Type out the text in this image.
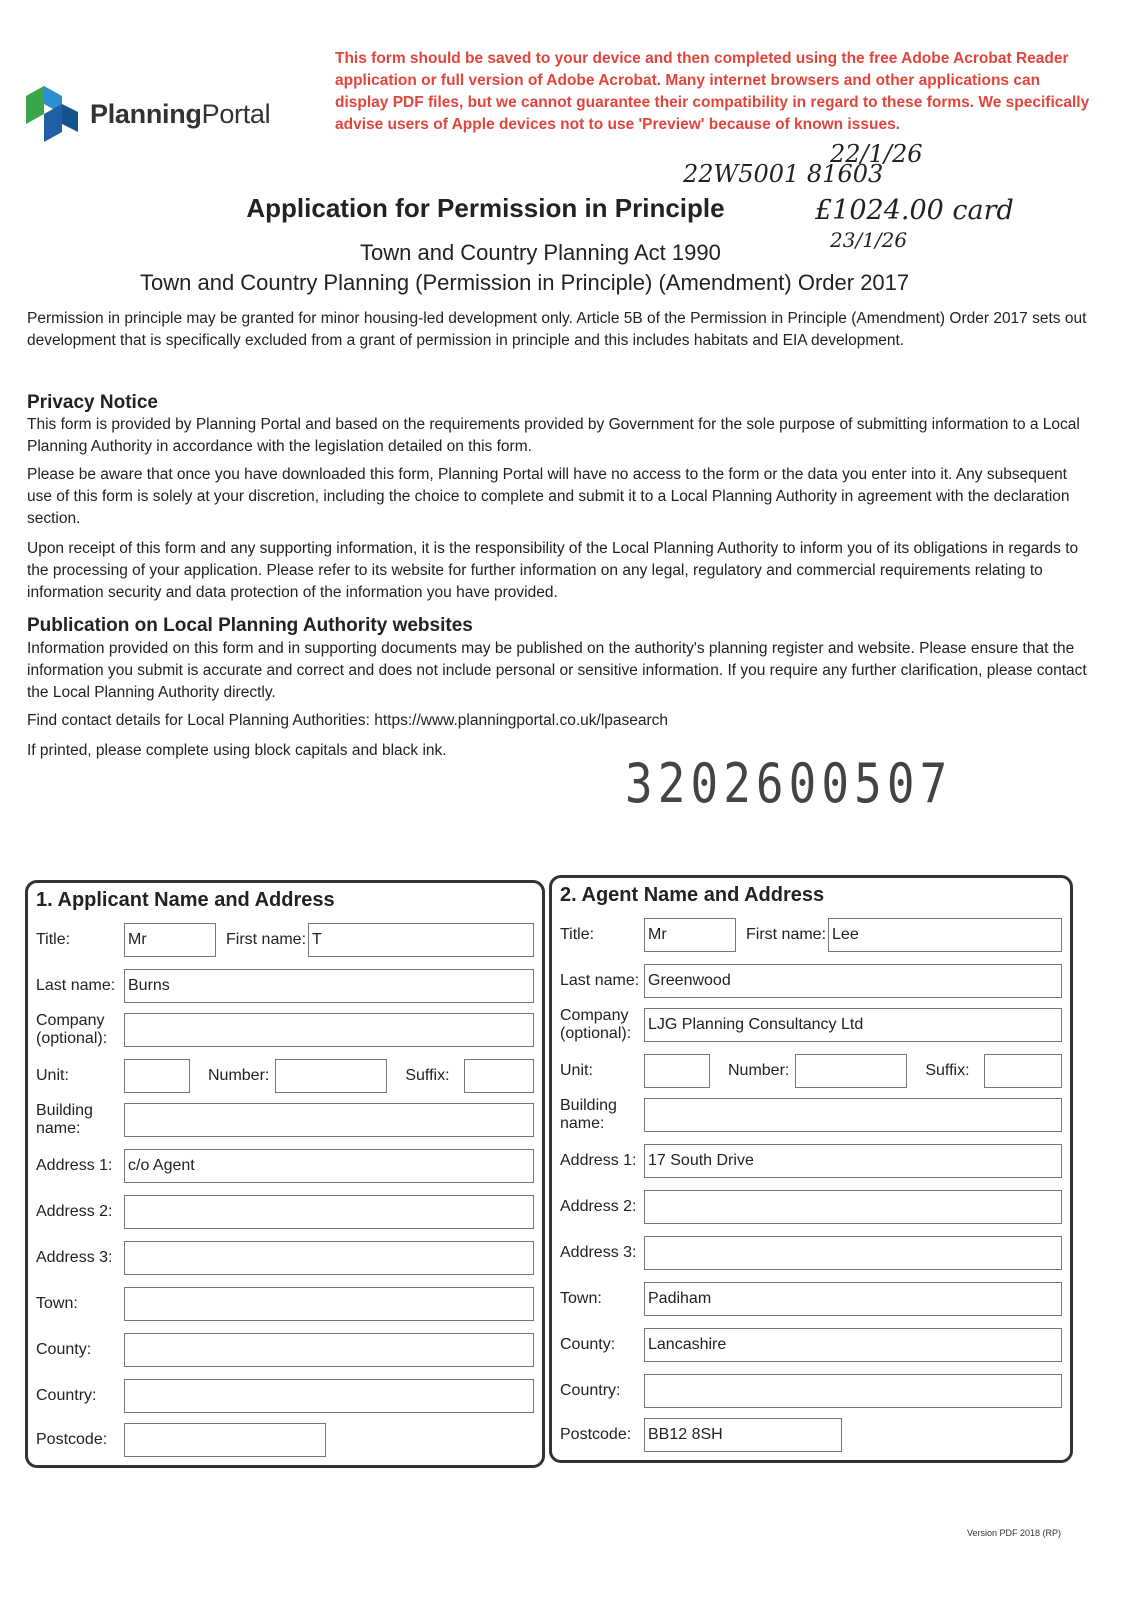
PlanningPortal
This form should be saved to your device and then completed using the free Adobe Acrobat Reader application or full version of Adobe Acrobat. Many internet browsers and other applications can display PDF files, but we cannot guarantee their compatibility in regard to these forms. We specifically advise users of Apple devices not to use 'Preview' because of known issues.
22/1/26
22W5001 81603
£1024.00 card
23/1/26
Application for Permission in Principle
Town and Country Planning Act 1990
Town and Country Planning (Permission in Principle) (Amendment) Order 2017
Permission in principle may be granted for minor housing-led development only. Article 5B of the Permission in Principle (Amendment) Order 2017 sets out development that is specifically excluded from a grant of permission in principle and this includes habitats and EIA development.
Privacy Notice
This form is provided by Planning Portal and based on the requirements provided by Government for the sole purpose of submitting information to a Local Planning Authority in accordance with the legislation detailed on this form.
Please be aware that once you have downloaded this form, Planning Portal will have no access to the form or the data you enter into it. Any subsequent use of this form is solely at your discretion, including the choice to complete and submit it to a Local Planning Authority in agreement with the declaration section.
Upon receipt of this form and any supporting information, it is the responsibility of the Local Planning Authority to inform you of its obligations in regards to the processing of your application. Please refer to its website for further information on any legal, regulatory and commercial requirements relating to information security and data protection of the information you have provided.
Publication on Local Planning Authority websites
Information provided on this form and in supporting documents may be published on the authority's planning register and website. Please ensure that the information you submit is accurate and correct and does not include personal or sensitive information. If you require any further clarification, please contact the Local Planning Authority directly.
Find contact details for Local Planning Authorities: https://www.planningportal.co.uk/lpasearch
If printed, please complete using block capitals and black ink.
3202600507
1. Applicant Name and Address
Title:	Mr	First name: T
Last name: Burns
Company (optional):
Unit:	Number:	Suffix:
Building name:
Address 1: c/o Agent
Address 2:
Address 3:
Town:
County:
Country:
Postcode:
2. Agent Name and Address
Title:	Mr	First name: Lee
Last name: Greenwood
Company (optional):
LJG Planning Consultancy Ltd
Unit:	Number:	Suffix:
Building name:
Address 1: 17 South Drive
Address 2:
Address 3:
Town:	Padiham
County:	Lancashire
Country:
Postcode:	BB12 8SH
Version PDF 2018 (RP)
